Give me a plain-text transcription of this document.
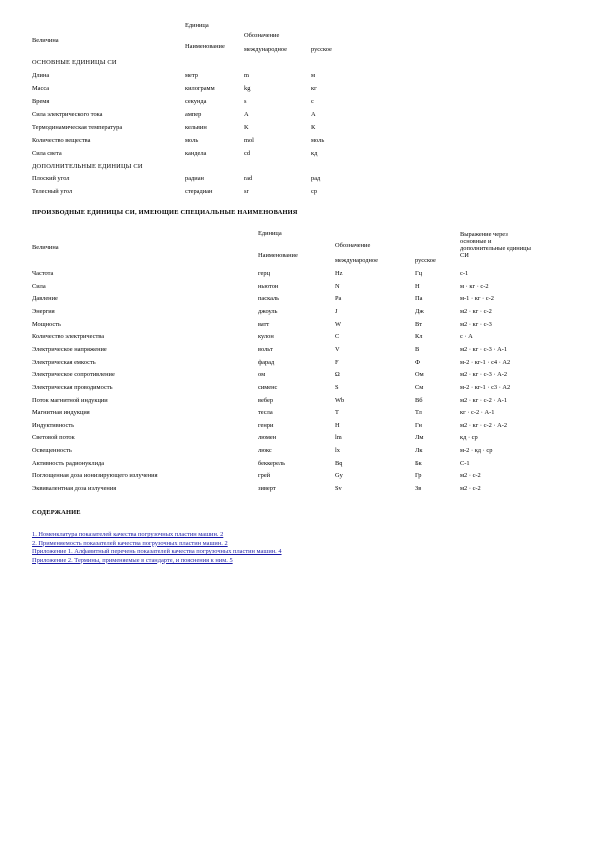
Единица
Величина
Обозначение
Наименование	международное	русское
ОСНОВНЫЕ ЕДИНИЦЫ СИ
Длина	метр	m	м
Масса	килограмм	kg	кг
Время	секунда	s	с
Сила электрического тока	ампер	A	А
Термодинамическая температура	кельвин	K	К
Количество вещества	моль	mol	моль
Сила света	кандела	cd	кд
ДОПОЛНИТЕЛЬНЫЕ ЕДИНИЦЫ СИ
Плоский угол	радиан	rad	рад
Телесный угол	стерадиан	sr	ср
ПРОИЗВОДНЫЕ ЕДИНИЦЫ СИ, ИМЕЮЩИЕ СПЕЦИАЛЬНЫЕ НАИМЕНОВАНИЯ
Единица
Величина	Обозначение
Наименование
международное	русское
Выражение через
основные и
дополнительные единицы
СИ
Частота	герц	Hz	Гц	с-1
Сила	ньютон	N	Н	м · кг · с-2
Давление	паскаль	Pa	Па	м-1 · кг · с-2
Энергия	джоуль	J	Дж	м2 · кг · с-2
Мощность	ватт	W	Вт	м2 · кг · с-3
Количество электричества	кулон	C	Кл	с · А
Электрическое напряжение	вольт	V	В	м2 · кг · с-3 · А-1
Электрическая емкость	фарад	F	Ф	м-2 · кг-1 · с4 · А2
Электрическое сопротивление	ом	Ω	Ом	м2 · кг · с-3 · А-2
Электрическая проводимость	сименс	S	См	м-2 · кг-1 · с3 · А2
Поток магнитной индукции	вебер	Wb	Вб	м2 · кг · с-2 · А-1
Магнитная индукция	тесла	T	Тл	кг · с-2 · А-1
Индуктивность	генри	H	Гн	м2 · кг · с-2 · А-2
Световой поток	люмен	lm	Лм	кд · ср
Освещенность	люкс	lx	Лк	м-2 · кд · ср
Активность радионуклида	беккерель	Bq	Бк	С-1
Поглощенная доза ионизирующего излучения	грей	Gy	Гр	м2 · с-2
Эквивалентная доза излучения	зиверт	Sv	Зв	м2 · с-2
СОДЕРЖАНИЕ
1. Номенклатура показателей качества погрузочных пластин машин. 2
2. Применяемость показателей качества погрузочных пластин машин. 2
Приложение 1. Алфавитный перечень показателей качества погрузочных пластин машин. 4
Приложение 2. Термины, применяемые в стандарте, и пояснения к ним. 5
